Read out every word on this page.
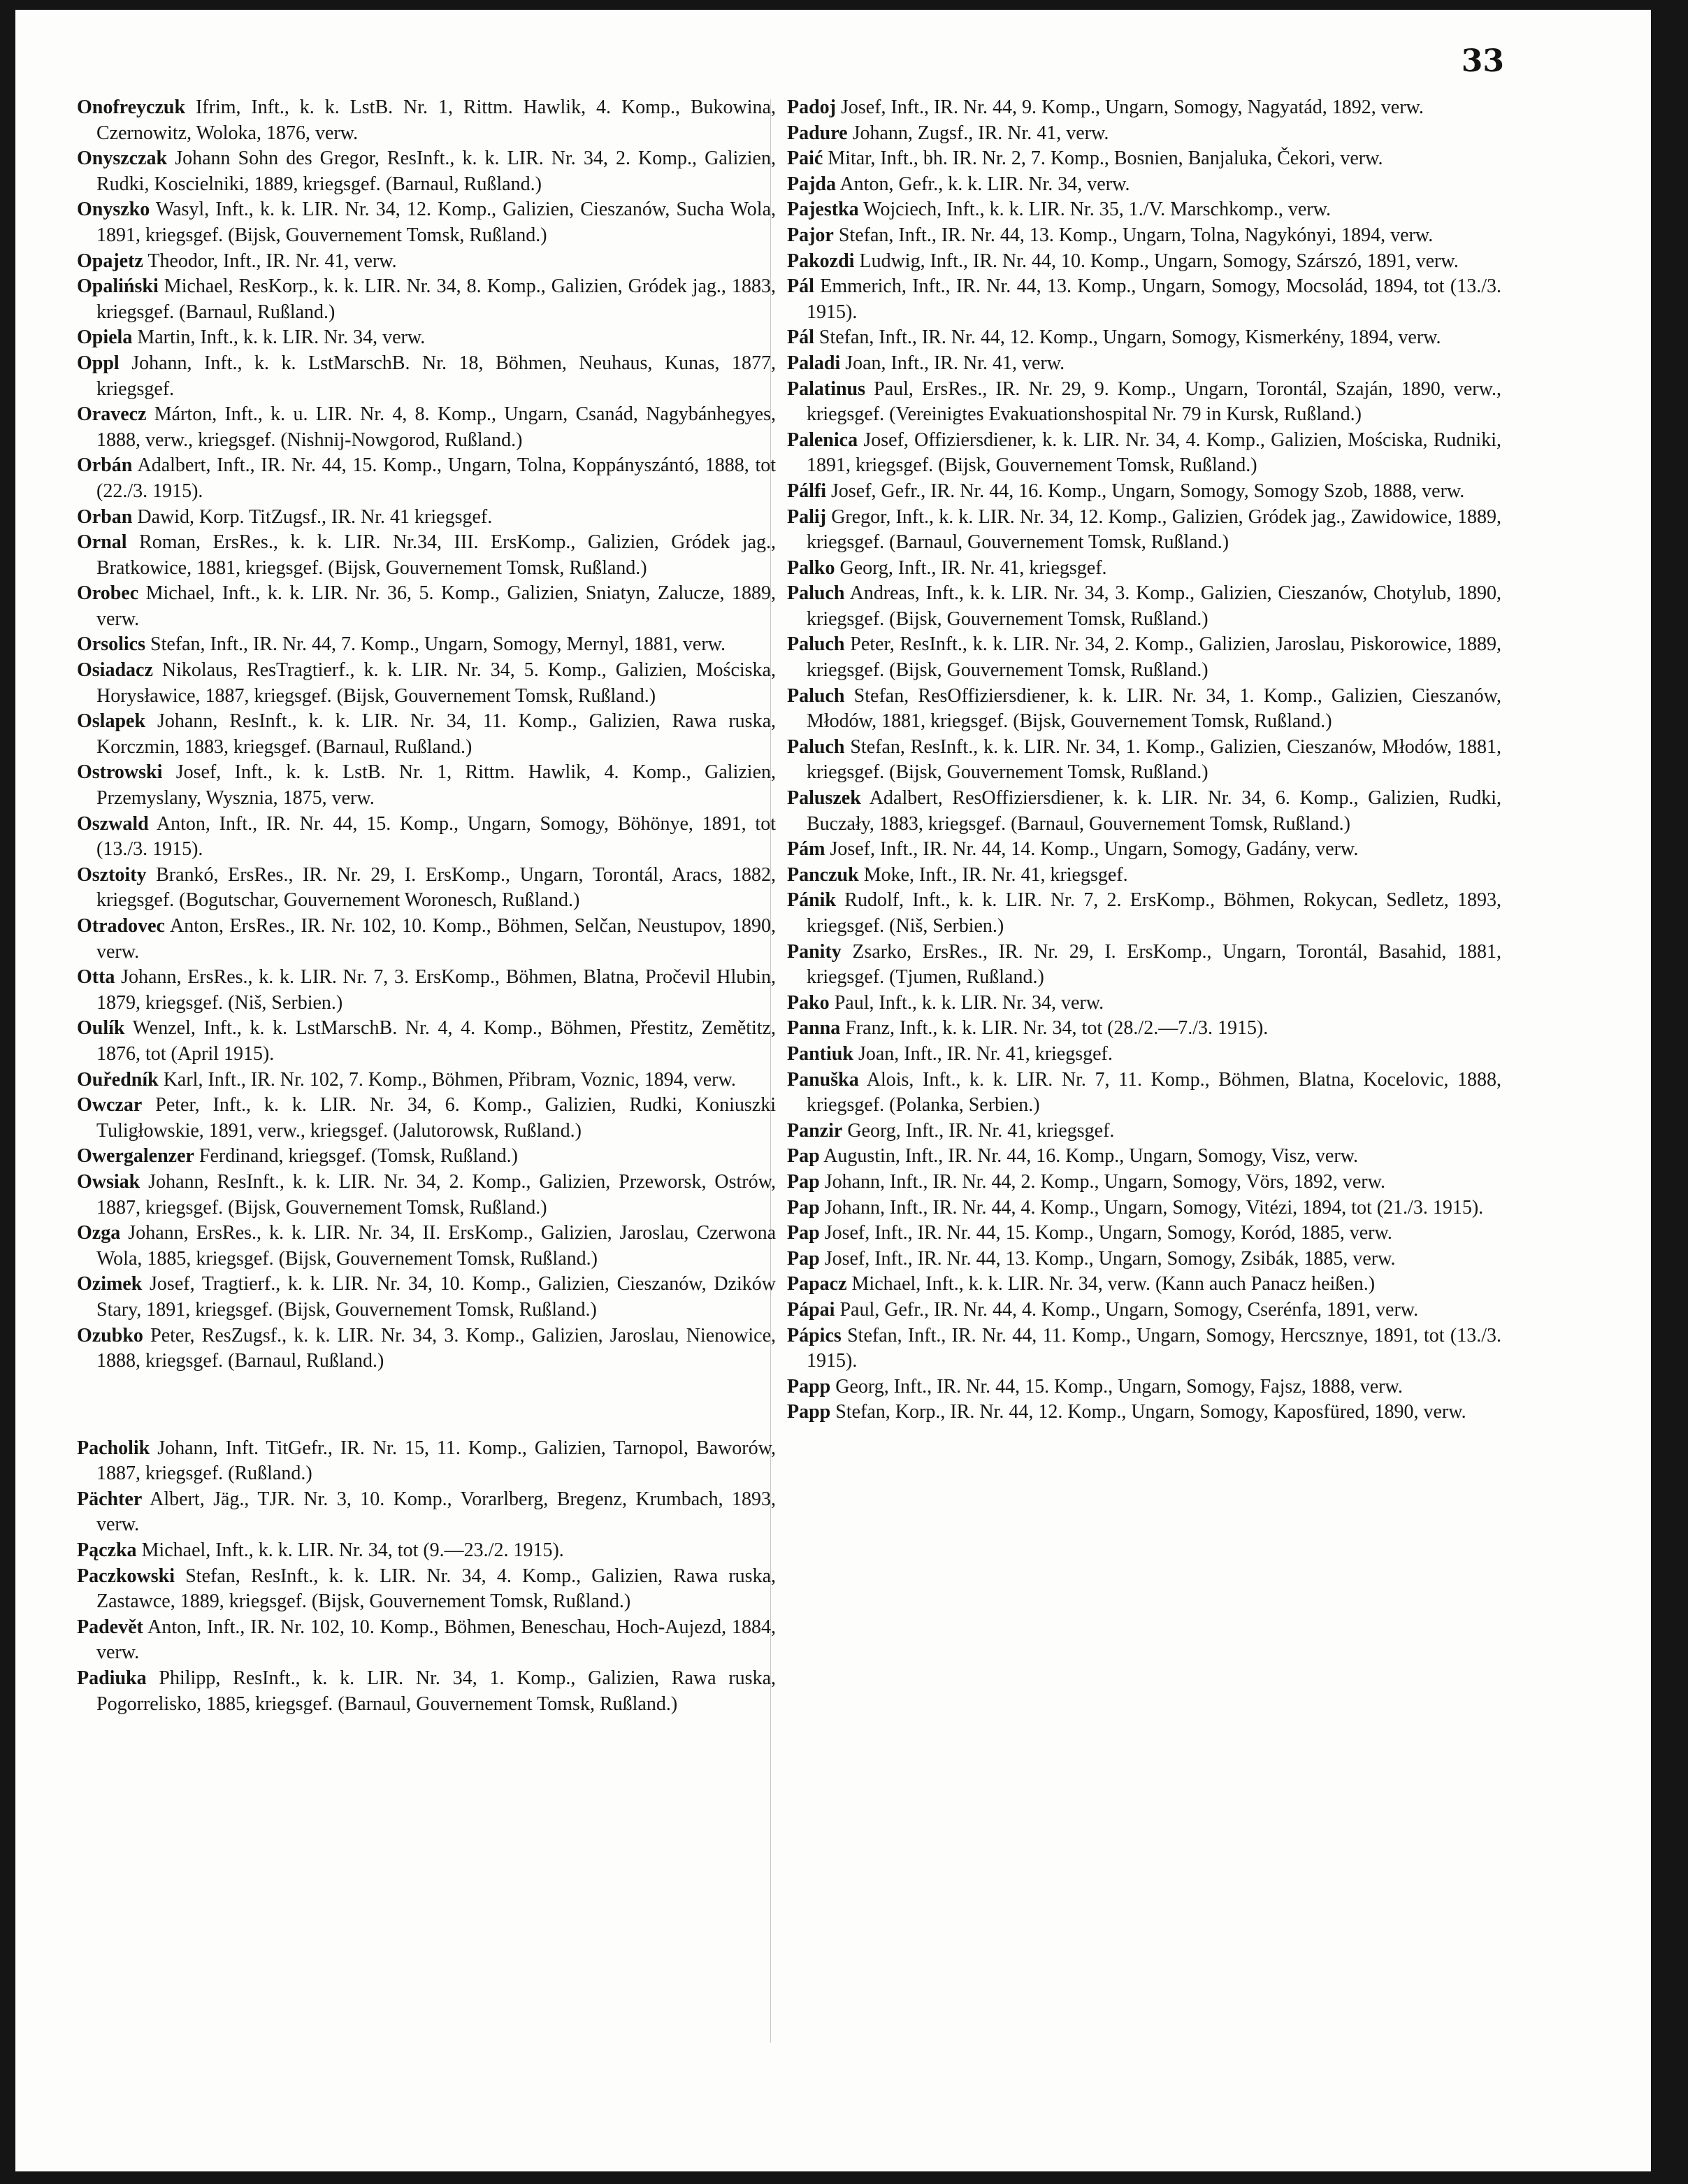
33

Onofreyczuk Ifrim, Inft., k. k. LstB. Nr. 1, Rittm. Hawlik, 4. Komp., Bukowina, Czernowitz, Woloka, 1876, verw.

Onyszczak Johann Sohn des Gregor, ResInft., k. k. LIR. Nr. 34, 2. Komp., Galizien, Rudki, Koscielniki, 1889, kriegsgef. (Barnaul, Rußland.)

Onyszko Wasyl, Inft., k. k. LIR. Nr. 34, 12. Komp., Galizien, Cieszanów, Sucha Wola, 1891, kriegsgef. (Bijsk, Gouvernement Tomsk, Rußland.)

Opajetz Theodor, Inft., IR. Nr. 41, verw.

Opaliński Michael, ResKorp., k. k. LIR. Nr. 34, 8. Komp., Galizien, Gródek jag., 1883, kriegsgef. (Barnaul, Rußland.)

Opiela Martin, Inft., k. k. LIR. Nr. 34, verw.

Oppl Johann, Inft., k. k. LstMarschB. Nr. 18, Böhmen, Neuhaus, Kunas, 1877, kriegsgef.

Oravecz Márton, Inft., k. u. LIR. Nr. 4, 8. Komp., Ungarn, Csanád, Nagybánhegyes, 1888, verw., kriegsgef. (Nishnij-Nowgorod, Rußland.)

Orbán Adalbert, Inft., IR. Nr. 44, 15. Komp., Ungarn, Tolna, Koppányszántó, 1888, tot (22./3. 1915).

Orban Dawid, Korp. TitZugsf., IR. Nr. 41 kriegsgef.

Ornal Roman, ErsRes., k. k. LIR. Nr.34, III. ErsKomp., Galizien, Gródek jag., Bratkowice, 1881, kriegsgef. (Bijsk, Gouvernement Tomsk, Rußland.)

Orobec Michael, Inft., k. k. LIR. Nr. 36, 5. Komp., Galizien, Sniatyn, Zalucze, 1889, verw.

Orsolics Stefan, Inft., IR. Nr. 44, 7. Komp., Ungarn, Somogy, Mernyl, 1881, verw.

Osiadacz Nikolaus, ResTragtierf., k. k. LIR. Nr. 34, 5. Komp., Galizien, Mościska, Horysławice, 1887, kriegsgef. (Bijsk, Gouvernement Tomsk, Rußland.)

Oslapek Johann, ResInft., k. k. LIR. Nr. 34, 11. Komp., Galizien, Rawa ruska, Korczmin, 1883, kriegsgef. (Barnaul, Rußland.)

Ostrowski Josef, Inft., k. k. LstB. Nr. 1, Rittm. Hawlik, 4. Komp., Galizien, Przemyslany, Wysznia, 1875, verw.

Oszwald Anton, Inft., IR. Nr. 44, 15. Komp., Ungarn, Somogy, Böhönye, 1891, tot (13./3. 1915).

Osztoity Brankó, ErsRes., IR. Nr. 29, I. ErsKomp., Ungarn, Torontál, Aracs, 1882, kriegsgef. (Bogutschar, Gouvernement Woronesch, Rußland.)

Otradovec Anton, ErsRes., IR. Nr. 102, 10. Komp., Böhmen, Selčan, Neustupov, 1890, verw.

Otta Johann, ErsRes., k. k. LIR. Nr. 7, 3. ErsKomp., Böhmen, Blatna, Pročevil Hlubin, 1879, kriegsgef. (Niš, Serbien.)

Oulík Wenzel, Inft., k. k. LstMarschB. Nr. 4, 4. Komp., Böhmen, Přestitz, Zemětitz, 1876, tot (April 1915).

Ouředník Karl, Inft., IR. Nr. 102, 7. Komp., Böhmen, Přibram, Voznic, 1894, verw.

Owczar Peter, Inft., k. k. LIR. Nr. 34, 6. Komp., Galizien, Rudki, Koniuszki Tuligłowskie, 1891, verw., kriegsgef. (Jalutorowsk, Rußland.)

Owergalenzer Ferdinand, kriegsgef. (Tomsk, Rußland.)

Owsiak Johann, ResInft., k. k. LIR. Nr. 34, 2. Komp., Galizien, Przeworsk, Ostrów, 1887, kriegsgef. (Bijsk, Gouvernement Tomsk, Rußland.)

Ozga Johann, ErsRes., k. k. LIR. Nr. 34, II. ErsKomp., Galizien, Jaroslau, Czerwona Wola, 1885, kriegsgef. (Bijsk, Gouvernement Tomsk, Rußland.)

Ozimek Josef, Tragtierf., k. k. LIR. Nr. 34, 10. Komp., Galizien, Cieszanów, Dzików Stary, 1891, kriegsgef. (Bijsk, Gouvernement Tomsk, Rußland.)

Ozubko Peter, ResZugsf., k. k. LIR. Nr. 34, 3. Komp., Galizien, Jaroslau, Nienowice, 1888, kriegsgef. (Barnaul, Rußland.)

Pacholik Johann, Inft. TitGefr., IR. Nr. 15, 11. Komp., Galizien, Tarnopol, Baworów, 1887, kriegsgef. (Rußland.)

Pächter Albert, Jäg., TJR. Nr. 3, 10. Komp., Vorarlberg, Bregenz, Krumbach, 1893, verw.

Pączka Michael, Inft., k. k. LIR. Nr. 34, tot (9.—23./2. 1915).

Paczkowski Stefan, ResInft., k. k. LIR. Nr. 34, 4. Komp., Galizien, Rawa ruska, Zastawce, 1889, kriegsgef. (Bijsk, Gouvernement Tomsk, Rußland.)

Padevět Anton, Inft., IR. Nr. 102, 10. Komp., Böhmen, Beneschau, Hoch-Aujezd, 1884, verw.

Padiuka Philipp, ResInft., k. k. LIR. Nr. 34, 1. Komp., Galizien, Rawa ruska, Pogorrelisko, 1885, kriegsgef. (Barnaul, Gouvernement Tomsk, Rußland.)

Padoj Josef, Inft., IR. Nr. 44, 9. Komp., Ungarn, Somogy, Nagyatád, 1892, verw.

Padure Johann, Zugsf., IR. Nr. 41, verw.

Paić Mitar, Inft., bh. IR. Nr. 2, 7. Komp., Bosnien, Banjaluka, Čekori, verw.

Pajda Anton, Gefr., k. k. LIR. Nr. 34, verw.

Pajestka Wojciech, Inft., k. k. LIR. Nr. 35, 1./V. Marschkomp., verw.

Pajor Stefan, Inft., IR. Nr. 44, 13. Komp., Ungarn, Tolna, Nagykónyi, 1894, verw.

Pakozdi Ludwig, Inft., IR. Nr. 44, 10. Komp., Ungarn, Somogy, Szárszó, 1891, verw.

Pál Emmerich, Inft., IR. Nr. 44, 13. Komp., Ungarn, Somogy, Mocsolád, 1894, tot (13./3. 1915).

Pál Stefan, Inft., IR. Nr. 44, 12. Komp., Ungarn, Somogy, Kismerkény, 1894, verw.

Paladi Joan, Inft., IR. Nr. 41, verw.

Palatinus Paul, ErsRes., IR. Nr. 29, 9. Komp., Ungarn, Torontál, Szaján, 1890, verw., kriegsgef. (Vereinigtes Evakuationshospital Nr. 79 in Kursk, Rußland.)

Palenica Josef, Offiziersdiener, k. k. LIR. Nr. 34, 4. Komp., Galizien, Mościska, Rudniki, 1891, kriegsgef. (Bijsk, Gouvernement Tomsk, Rußland.)

Pálfi Josef, Gefr., IR. Nr. 44, 16. Komp., Ungarn, Somogy, Somogy Szob, 1888, verw.

Palij Gregor, Inft., k. k. LIR. Nr. 34, 12. Komp., Galizien, Gródek jag., Zawidowice, 1889, kriegsgef. (Barnaul, Gouvernement Tomsk, Rußland.)

Palko Georg, Inft., IR. Nr. 41, kriegsgef.

Paluch Andreas, Inft., k. k. LIR. Nr. 34, 3. Komp., Galizien, Cieszanów, Chotylub, 1890, kriegsgef. (Bijsk, Gouvernement Tomsk, Rußland.)

Paluch Peter, ResInft., k. k. LIR. Nr. 34, 2. Komp., Galizien, Jaroslau, Piskorowice, 1889, kriegsgef. (Bijsk, Gouvernement Tomsk, Rußland.)

Paluch Stefan, ResOffiziersdiener, k. k. LIR. Nr. 34, 1. Komp., Galizien, Cieszanów, Młodów, 1881, kriegsgef. (Bijsk, Gouvernement Tomsk, Rußland.)

Paluch Stefan, ResInft., k. k. LIR. Nr. 34, 1. Komp., Galizien, Cieszanów, Młodów, 1881, kriegsgef. (Bijsk, Gouvernement Tomsk, Rußland.)

Paluszek Adalbert, ResOffiziersdiener, k. k. LIR. Nr. 34, 6. Komp., Galizien, Rudki, Buczały, 1883, kriegsgef. (Barnaul, Gouvernement Tomsk, Rußland.)

Pám Josef, Inft., IR. Nr. 44, 14. Komp., Ungarn, Somogy, Gadány, verw.

Panczuk Moke, Inft., IR. Nr. 41, kriegsgef.

Pánik Rudolf, Inft., k. k. LIR. Nr. 7, 2. ErsKomp., Böhmen, Rokycan, Sedletz, 1893, kriegsgef. (Niš, Serbien.)

Panity Zsarko, ErsRes., IR. Nr. 29, I. ErsKomp., Ungarn, Torontál, Basahid, 1881, kriegsgef. (Tjumen, Rußland.)

Pako Paul, Inft., k. k. LIR. Nr. 34, verw.

Panna Franz, Inft., k. k. LIR. Nr. 34, tot (28./2.—7./3. 1915).

Pantiuk Joan, Inft., IR. Nr. 41, kriegsgef.

Panuška Alois, Inft., k. k. LIR. Nr. 7, 11. Komp., Böhmen, Blatna, Kocelovic, 1888, kriegsgef. (Polanka, Serbien.)

Panzir Georg, Inft., IR. Nr. 41, kriegsgef.

Pap Augustin, Inft., IR. Nr. 44, 16. Komp., Ungarn, Somogy, Visz, verw.

Pap Johann, Inft., IR. Nr. 44, 2. Komp., Ungarn, Somogy, Vörs, 1892, verw.

Pap Johann, Inft., IR. Nr. 44, 4. Komp., Ungarn, Somogy, Vitézi, 1894, tot (21./3. 1915).

Pap Josef, Inft., IR. Nr. 44, 15. Komp., Ungarn, Somogy, Koród, 1885, verw.

Pap Josef, Inft., IR. Nr. 44, 13. Komp., Ungarn, Somogy, Zsibák, 1885, verw.

Papacz Michael, Inft., k. k. LIR. Nr. 34, verw. (Kann auch Panacz heißen.)

Pápai Paul, Gefr., IR. Nr. 44, 4. Komp., Ungarn, Somogy, Cserénfa, 1891, verw.

Pápics Stefan, Inft., IR. Nr. 44, 11. Komp., Ungarn, Somogy, Hercsznye, 1891, tot (13./3. 1915).

Papp Georg, Inft., IR. Nr. 44, 15. Komp., Ungarn, Somogy, Fajsz, 1888, verw.

Papp Stefan, Korp., IR. Nr. 44, 12. Komp., Ungarn, Somogy, Kaposfüred, 1890, verw.
